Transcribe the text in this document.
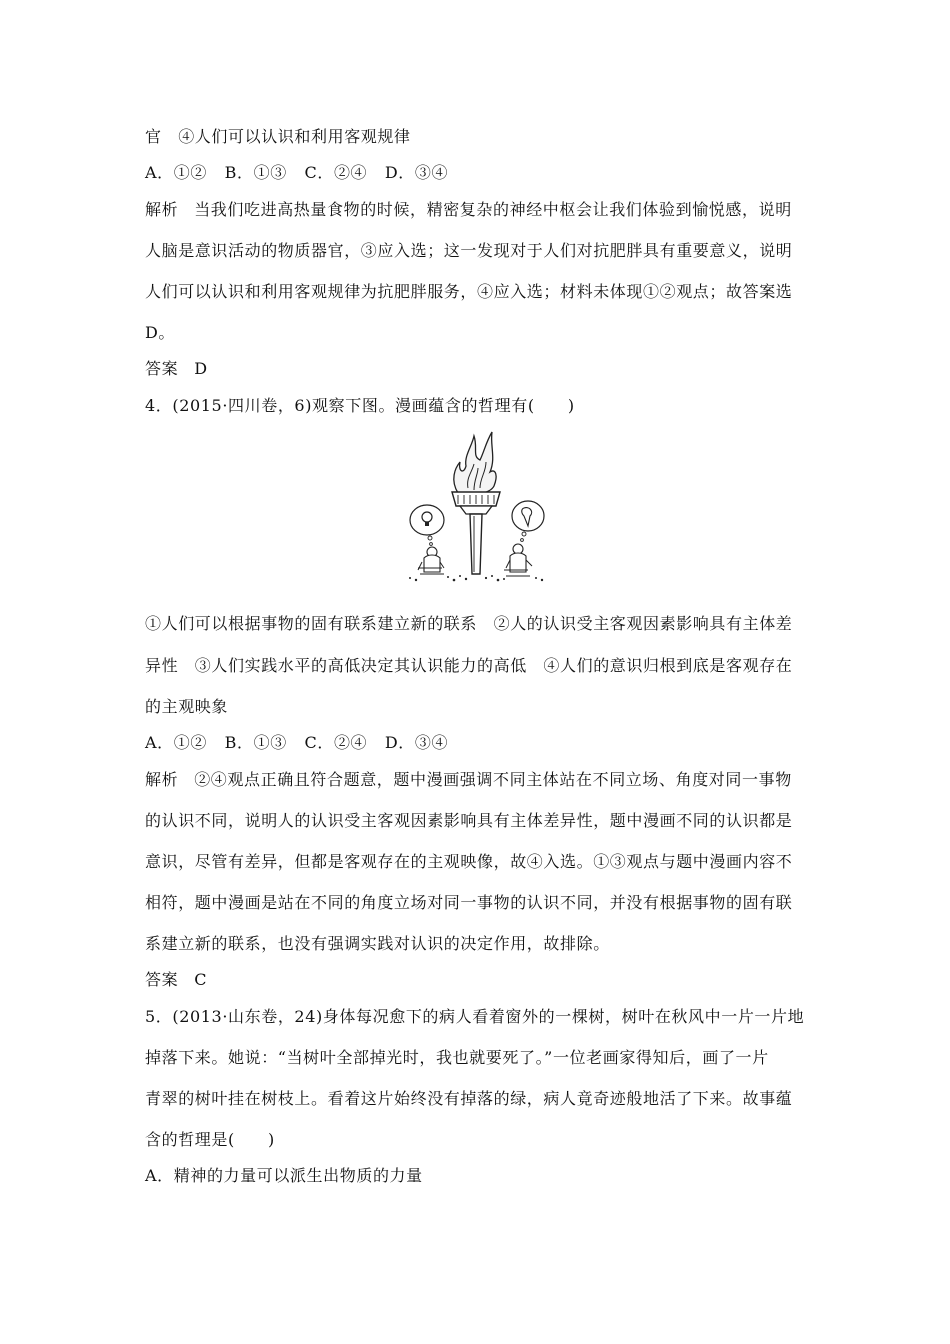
官　④人们可以认识和利用客观规律
A．①② B．①③ C．②④ D．③④
解析 当我们吃进高热量食物的时候，精密复杂的神经中枢会让我们体验到愉悦感，说明
人脑是意识活动的物质器官，③应入选；这一发现对于人们对抗肥胖具有重要意义，说明
人们可以认识和利用客观规律为抗肥胖服务，④应入选；材料未体现①②观点；故答案选
D。
答案 D
4．(2015·四川卷，6)观察下图。漫画蕴含的哲理有(　　)
①人们可以根据事物的固有联系建立新的联系　②人的认识受主客观因素影响具有主体差
异性　③人们实践水平的高低决定其认识能力的高低　④人们的意识归根到底是客观存在
的主观映象
A．①② B．①③ C．②④ D．③④
解析 ②④观点正确且符合题意，题中漫画强调不同主体站在不同立场、角度对同一事物
的认识不同，说明人的认识受主客观因素影响具有主体差异性，题中漫画不同的认识都是
意识，尽管有差异，但都是客观存在的主观映像，故④入选。①③观点与题中漫画内容不
相符，题中漫画是站在不同的角度立场对同一事物的认识不同，并没有根据事物的固有联
系建立新的联系，也没有强调实践对认识的决定作用，故排除。
答案 C
5．(2013·山东卷，24)身体每况愈下的病人看着窗外的一棵树，树叶在秋风中一片一片地
掉落下来。她说：“当树叶全部掉光时，我也就要死了。”一位老画家得知后，画了一片
青翠的树叶挂在树枝上。看着这片始终没有掉落的绿，病人竟奇迹般地活了下来。故事蕴
含的哲理是(　　)
A．精神的力量可以派生出物质的力量
